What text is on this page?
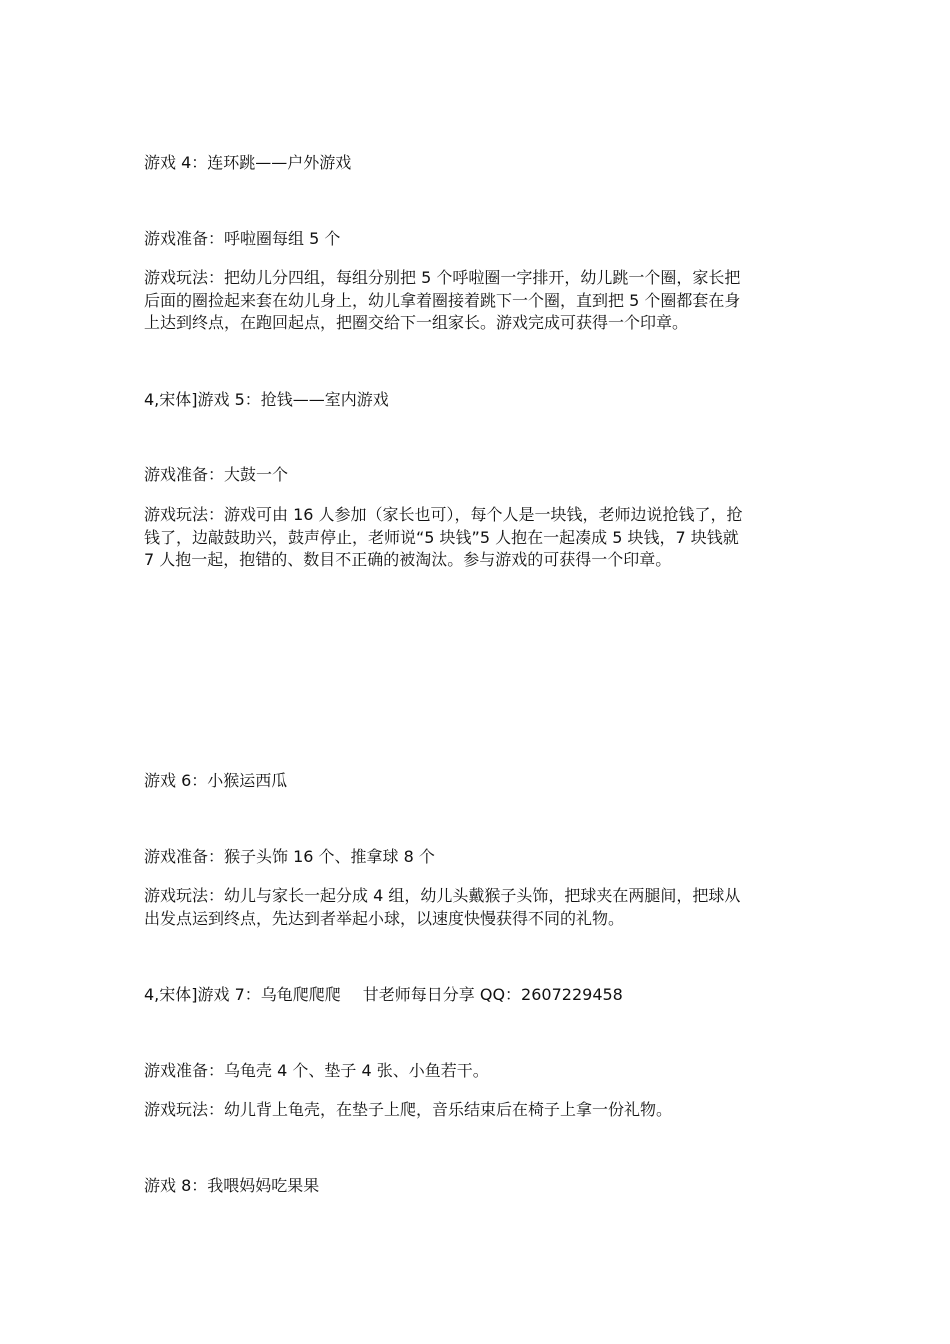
游戏 4：连环跳——户外游戏

游戏准备：呼啦圈每组 5 个

游戏玩法：把幼儿分四组，每组分别把 5 个呼啦圈一字排开，幼儿跳一个圈，家长把
后面的圈捡起来套在幼儿身上，幼儿拿着圈接着跳下一个圈，直到把 5 个圈都套在身
上达到终点，在跑回起点，把圈交给下一组家长。游戏完成可获得一个印章。

4,宋体]游戏 5：抢钱——室内游戏

游戏准备：大鼓一个

游戏玩法：游戏可由 16 人参加（家长也可），每个人是一块钱，老师边说抢钱了，抢
钱了，边敲鼓助兴，鼓声停止，老师说“5 块钱”5 人抱在一起凑成 5 块钱，7 块钱就
7 人抱一起，抱错的、数目不正确的被淘汰。参与游戏的可获得一个印章。

游戏 6：小猴运西瓜

游戏准备：猴子头饰 16 个、推拿球 8 个

游戏玩法：幼儿与家长一起分成 4 组，幼儿头戴猴子头饰，把球夹在两腿间，把球从
出发点运到终点，先达到者举起小球，以速度快慢获得不同的礼物。

4,宋体]游戏 7：乌龟爬爬爬 甘老师每日分享 QQ：2607229458

游戏准备：乌龟壳 4 个、垫子 4 张、小鱼若干。

游戏玩法：幼儿背上龟壳，在垫子上爬，音乐结束后在椅子上拿一份礼物。

游戏 8：我喂妈妈吃果果
